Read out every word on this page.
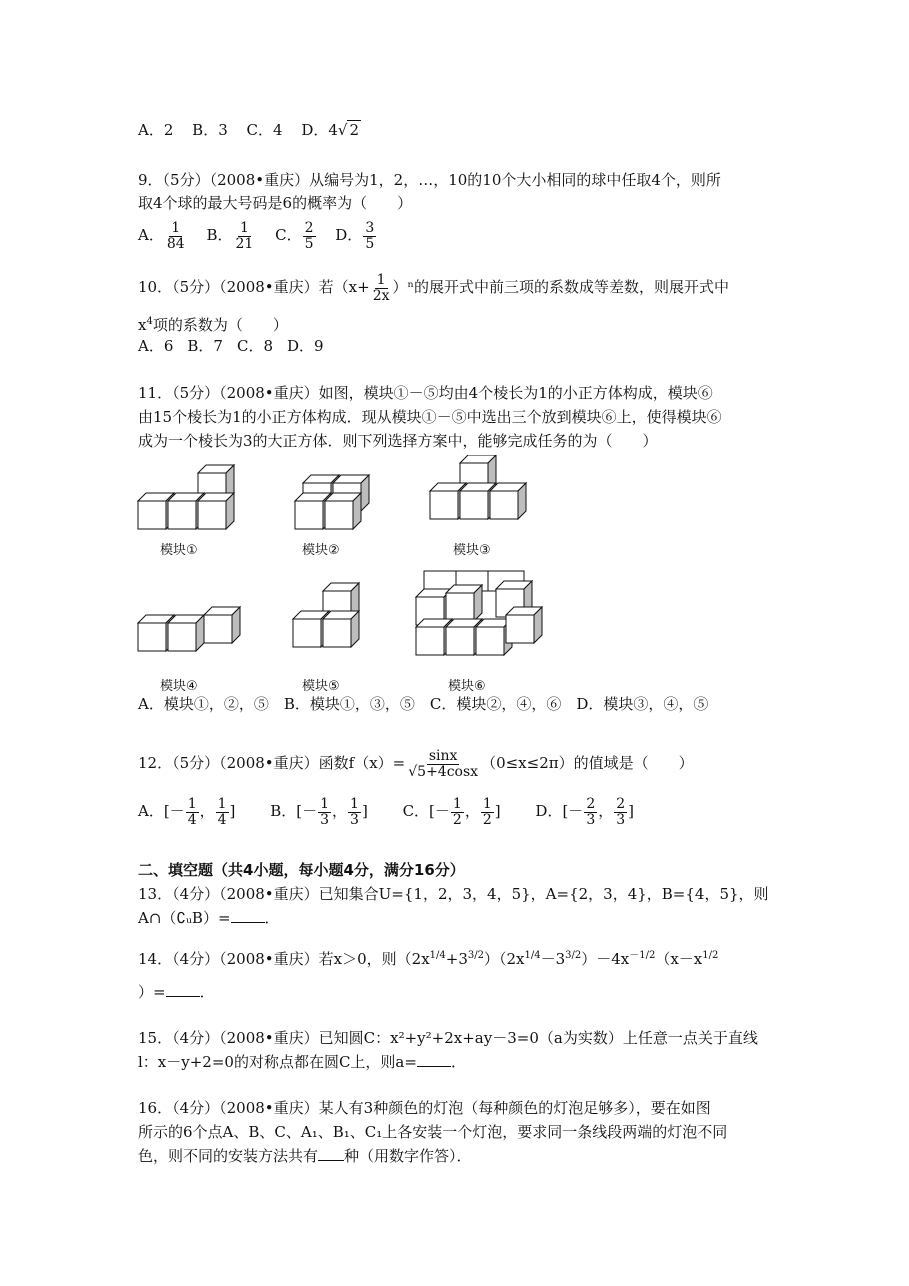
A．2 B．3 C．4 D．4√ 2
9．（5分）（2008•重庆）从编号为1，2，…，10的10个大小相同的球中任取4个，则所
取4个球的最大号码是6的概率为（　　）
A． $\frac{1}{84}$ B． $\frac{1}{21}$ C． $\frac{2}{5}$ D． $\frac{3}{5}$
10．（5分）（2008•重庆）若$(x+ \frac{1}{2x} )^n$的展开式中前三项的系数成等差数，则展开式中
$x^4$项的系数为（　　）
A．6 B．7 C．8 D．9
11．（5分）（2008•重庆）如图，模块①－⑤均由4个棱长为1的小正方体构成，模块⑥
由15个棱长为1的小正方体构成．现从模块①－⑤中选出三个放到模块⑥上，使得模块⑥
成为一个棱长为3的大正方体．则下列选择方案中，能够完成任务的为（　　）
模块①	模块②	模块③
模块④	模块⑤	模块⑥
A．模块①，②，⑤　B．模块①，③，⑤　C．模块②，④，⑥　D．模块③，④，⑤
12．（5分）（2008•重庆）函数$f(x)= \frac{\sin x}{√5+4\cos x} (0\le x\le 2\pi)$的值域是（　　）
A．[－ $\frac{1}{4}$ ， $\frac{1}{4}$ ] B．[－ $\frac{1}{3}$ ， $\frac{1}{3}$ ] C．[－ $\frac{1}{2}$ ， $\frac{1}{2}$ ] D．[－ $\frac{2}{3}$ ， $\frac{2}{3}$ ]
二、填空题（共4小题，每小题4分，满分16分）
13．（4分）（2008•重庆）已知集合U={1，2，3，4，5}，A={2，3，4}，B={4，5}，则
A∩（∁ᵤB）= ．
14．（4分）（2008•重庆）若x＞0，则$(2x^{1/4}+3^{3/2})(2x^{1/4}-3^{3/2})-4x^{-1/2}(x-x^{1/2}$
）= ．
15．（4分）（2008•重庆）已知圆C：x²+y²+2x+ay－3=0（a为实数）上任意一点关于直线
l：x－y+2=0的对称点都在圆C上，则a= ．
16．（4分）（2008•重庆）某人有3种颜色的灯泡（每种颜色的灯泡足够多），要在如图
所示的6个点A、B、C、A₁、B₁、C₁上各安装一个灯泡，要求同一条线段两端的灯泡不同
色，则不同的安装方法共有 种（用数字作答）．
